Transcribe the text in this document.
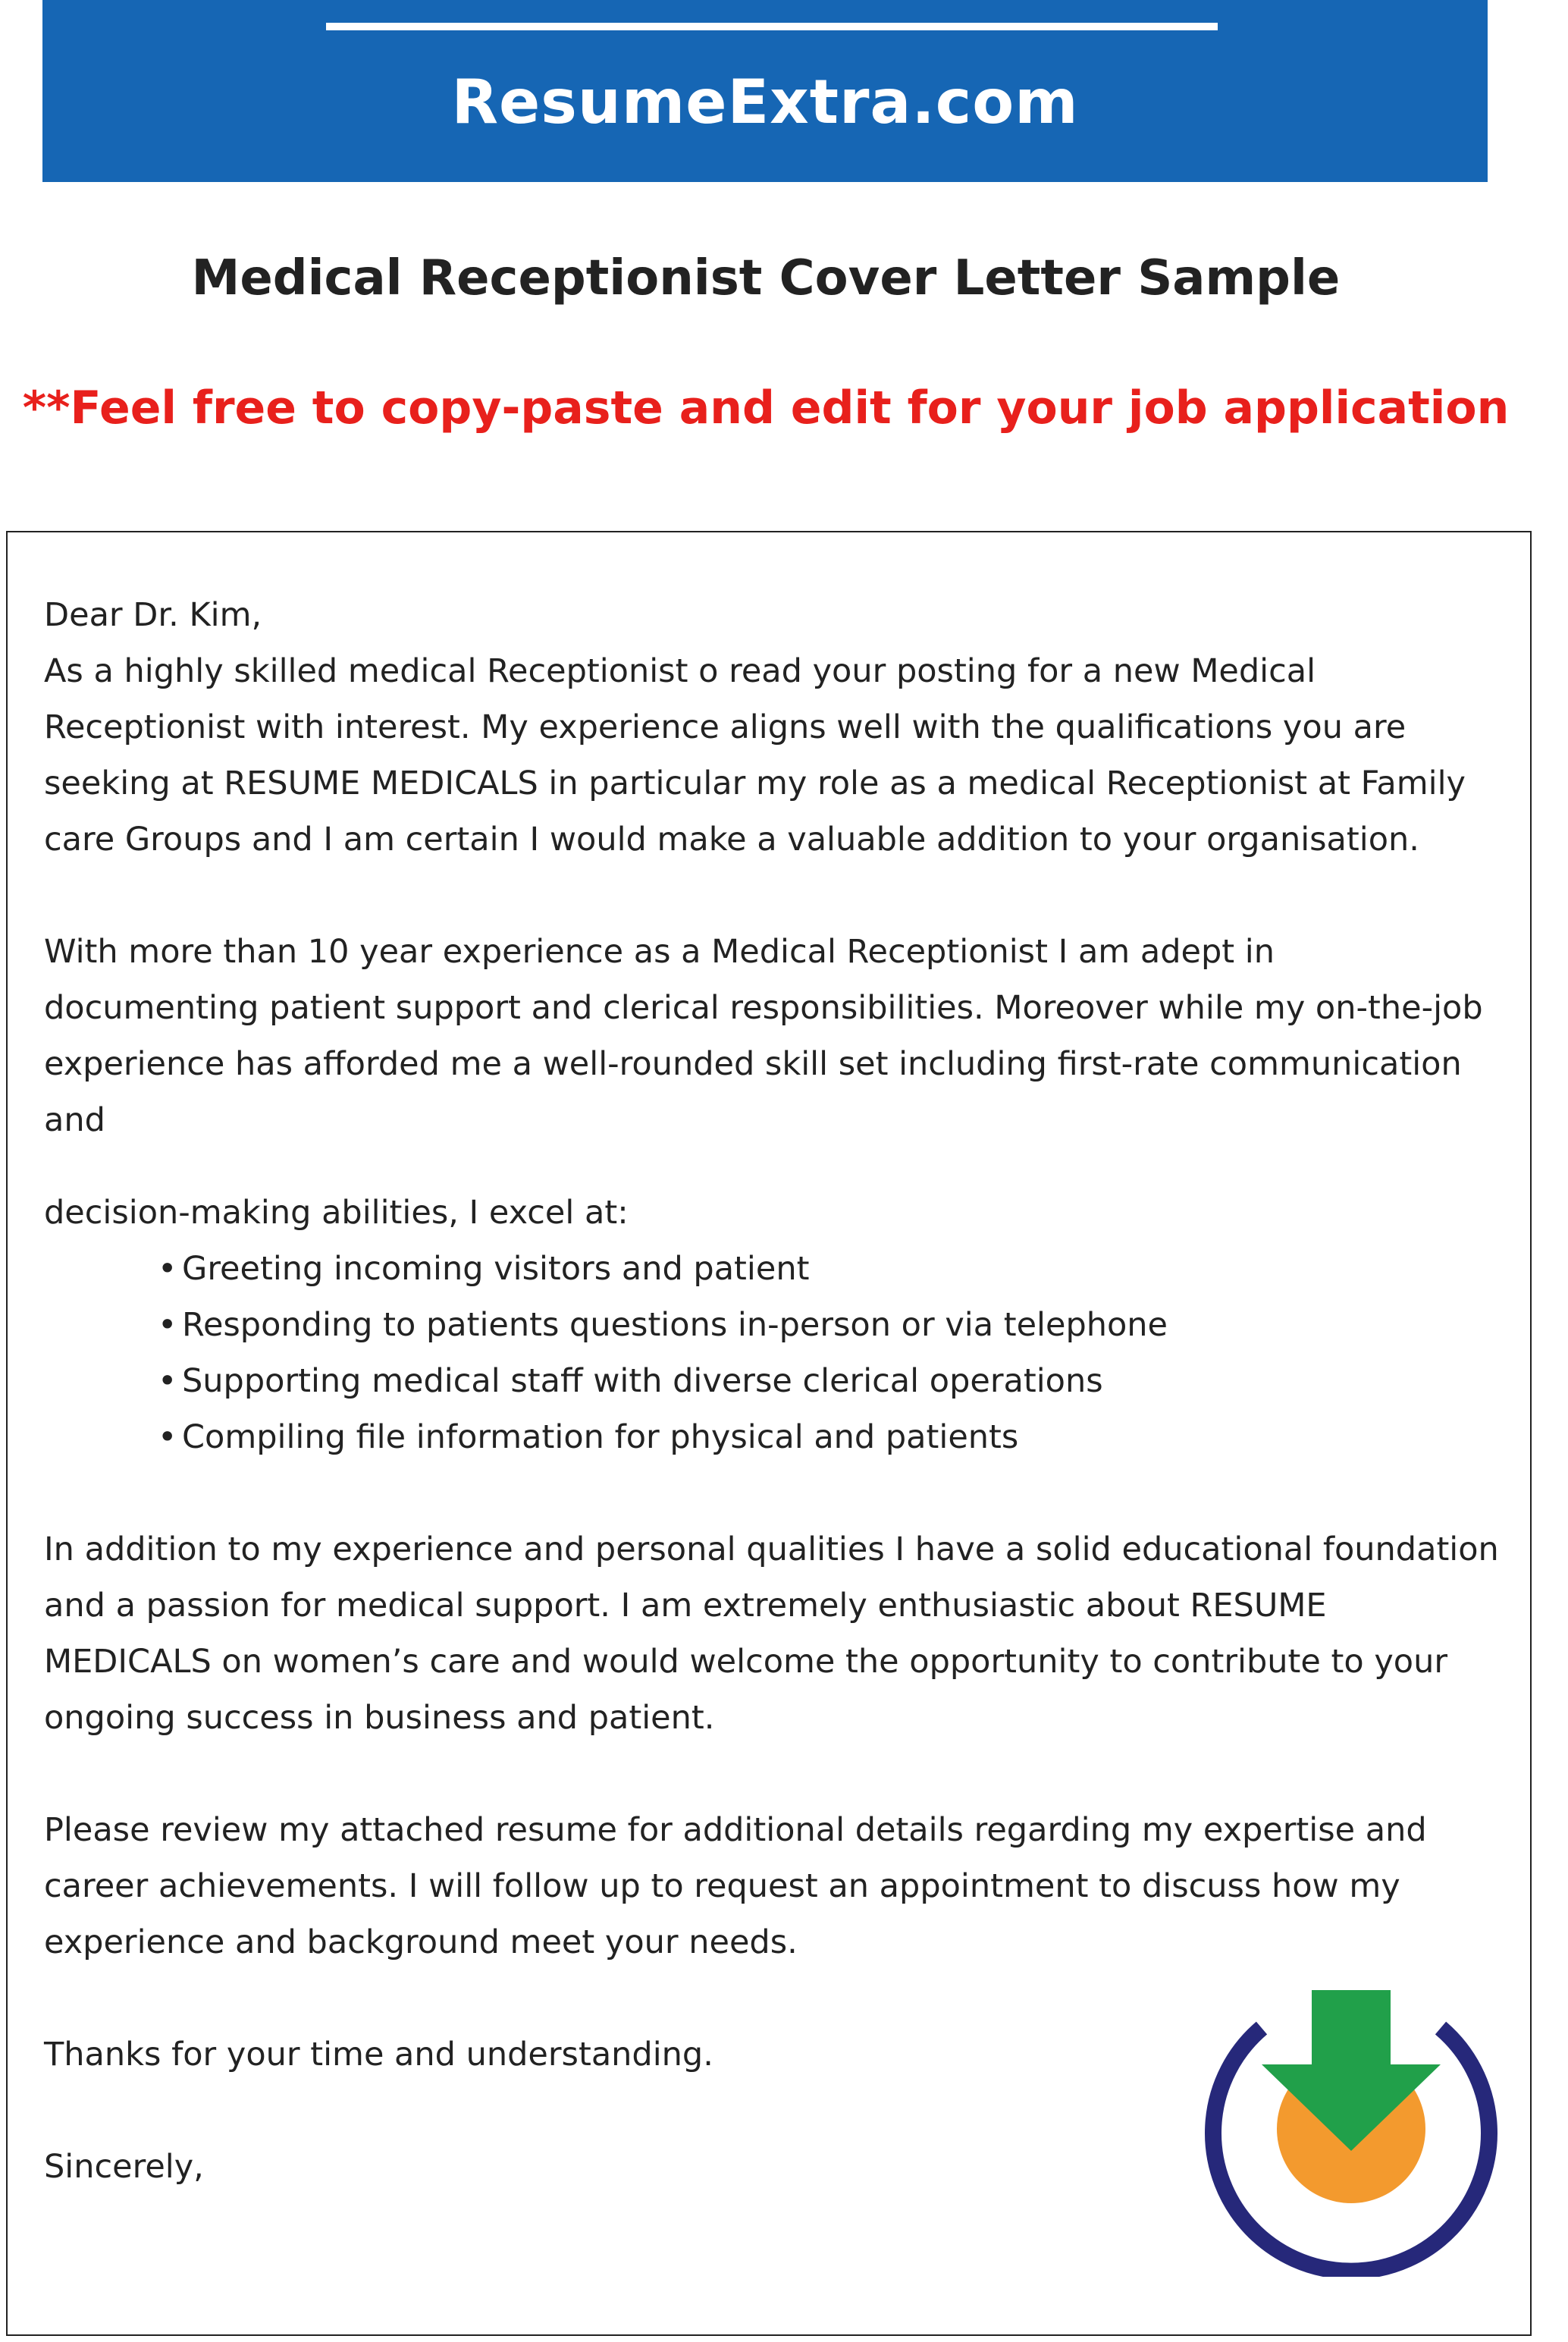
ResumeExtra.com
Medical Receptionist Cover Letter Sample
**Feel free to copy-paste and edit for your job application

Dear Dr. Kim,

As a highly skilled medical Receptionist o read your posting for a new Medical Receptionist with interest. My experience aligns well with the qualifications you are seeking at RESUME MEDICALS in particular my role as a medical Receptionist at Family care Groups and I am certain I would make a valuable addition to your organisation.

With more than 10 year experience as a Medical Receptionist I am adept in documenting patient support and clerical responsibilities. Moreover while my on-the-job experience has afforded me a well-rounded skill set including first-rate communication and

decision-making abilities, I excel at:

• Greeting incoming visitors and patient
• Responding to patients questions in-person or via telephone
• Supporting medical staff with diverse clerical operations
• Compiling file information for physical and patients

In addition to my experience and personal qualities I have a solid educational foundation and a passion for medical support. I am extremely enthusiastic about RESUME MEDICALS on women’s care and would welcome the opportunity to contribute to your ongoing success in business and patient.

Please review my attached resume for additional details regarding my expertise and career achievements. I will follow up to request an appointment to discuss how my experience and background meet your needs.

Thanks for your time and understanding.

Sincerely,
